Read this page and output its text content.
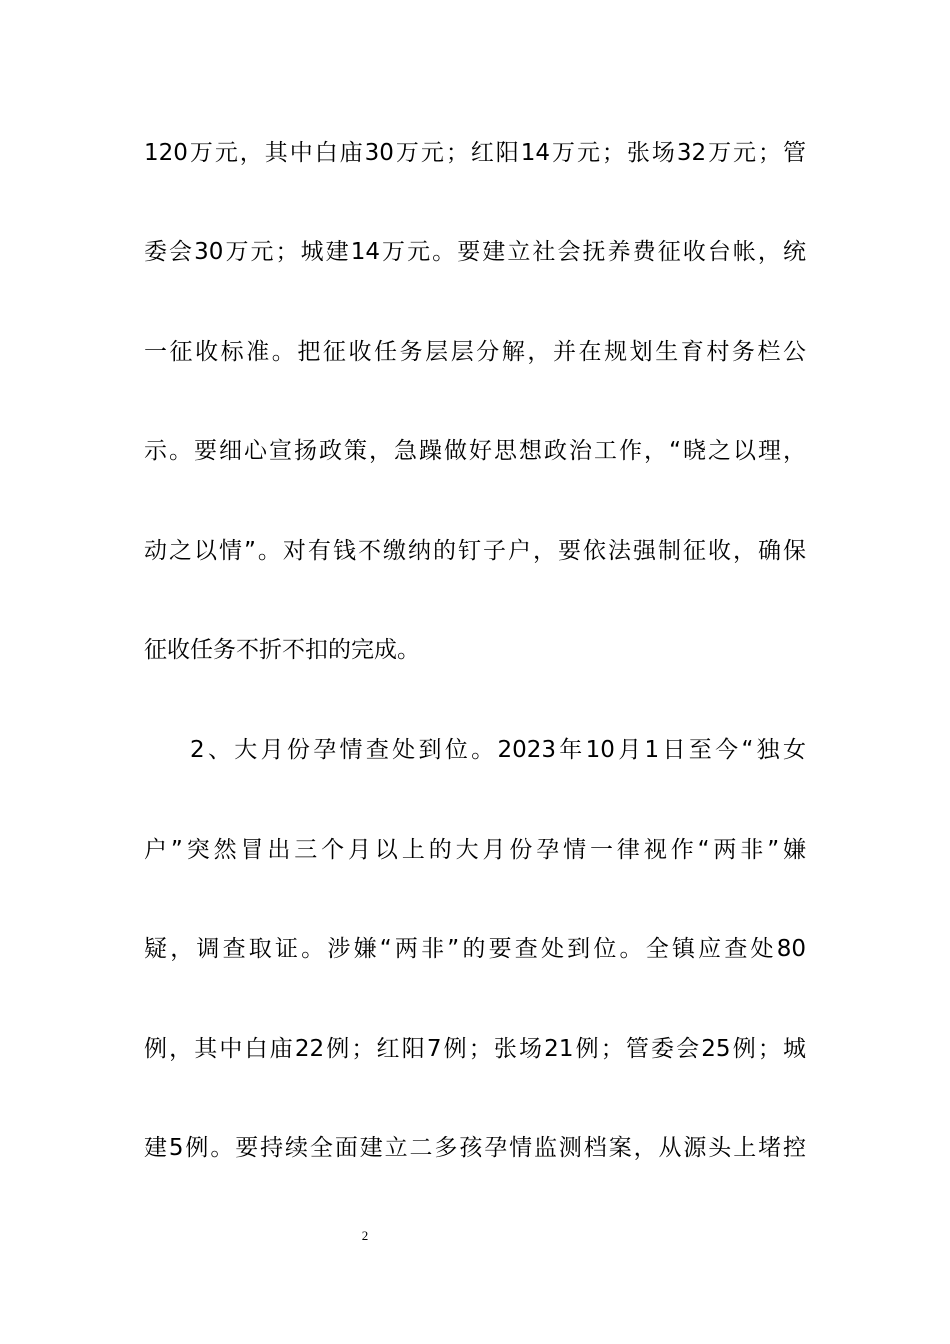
120万元，其中白庙30万元；红阳14万元；张场32万元；管
委会30万元；城建14万元。要建立社会抚养费征收台帐，统
一征收标准。把征收任务层层分解，并在规划生育村务栏公
示。要细心宣扬政策，急躁做好思想政治工作，“晓之以理，
动之以情”。对有钱不缴纳的钉子户，要依法强制征收，确保
征收任务不折不扣的完成。
2、大月份孕情查处到位。2023年10月1日至今“独女
户”突然冒出三个月以上的大月份孕情一律视作“两非”嫌
疑，调查取证。涉嫌“两非”的要查处到位。全镇应查处80
例，其中白庙22例；红阳7例；张场21例；管委会25例；城
建5例。要持续全面建立二多孩孕情监测档案，从源头上堵控
2
